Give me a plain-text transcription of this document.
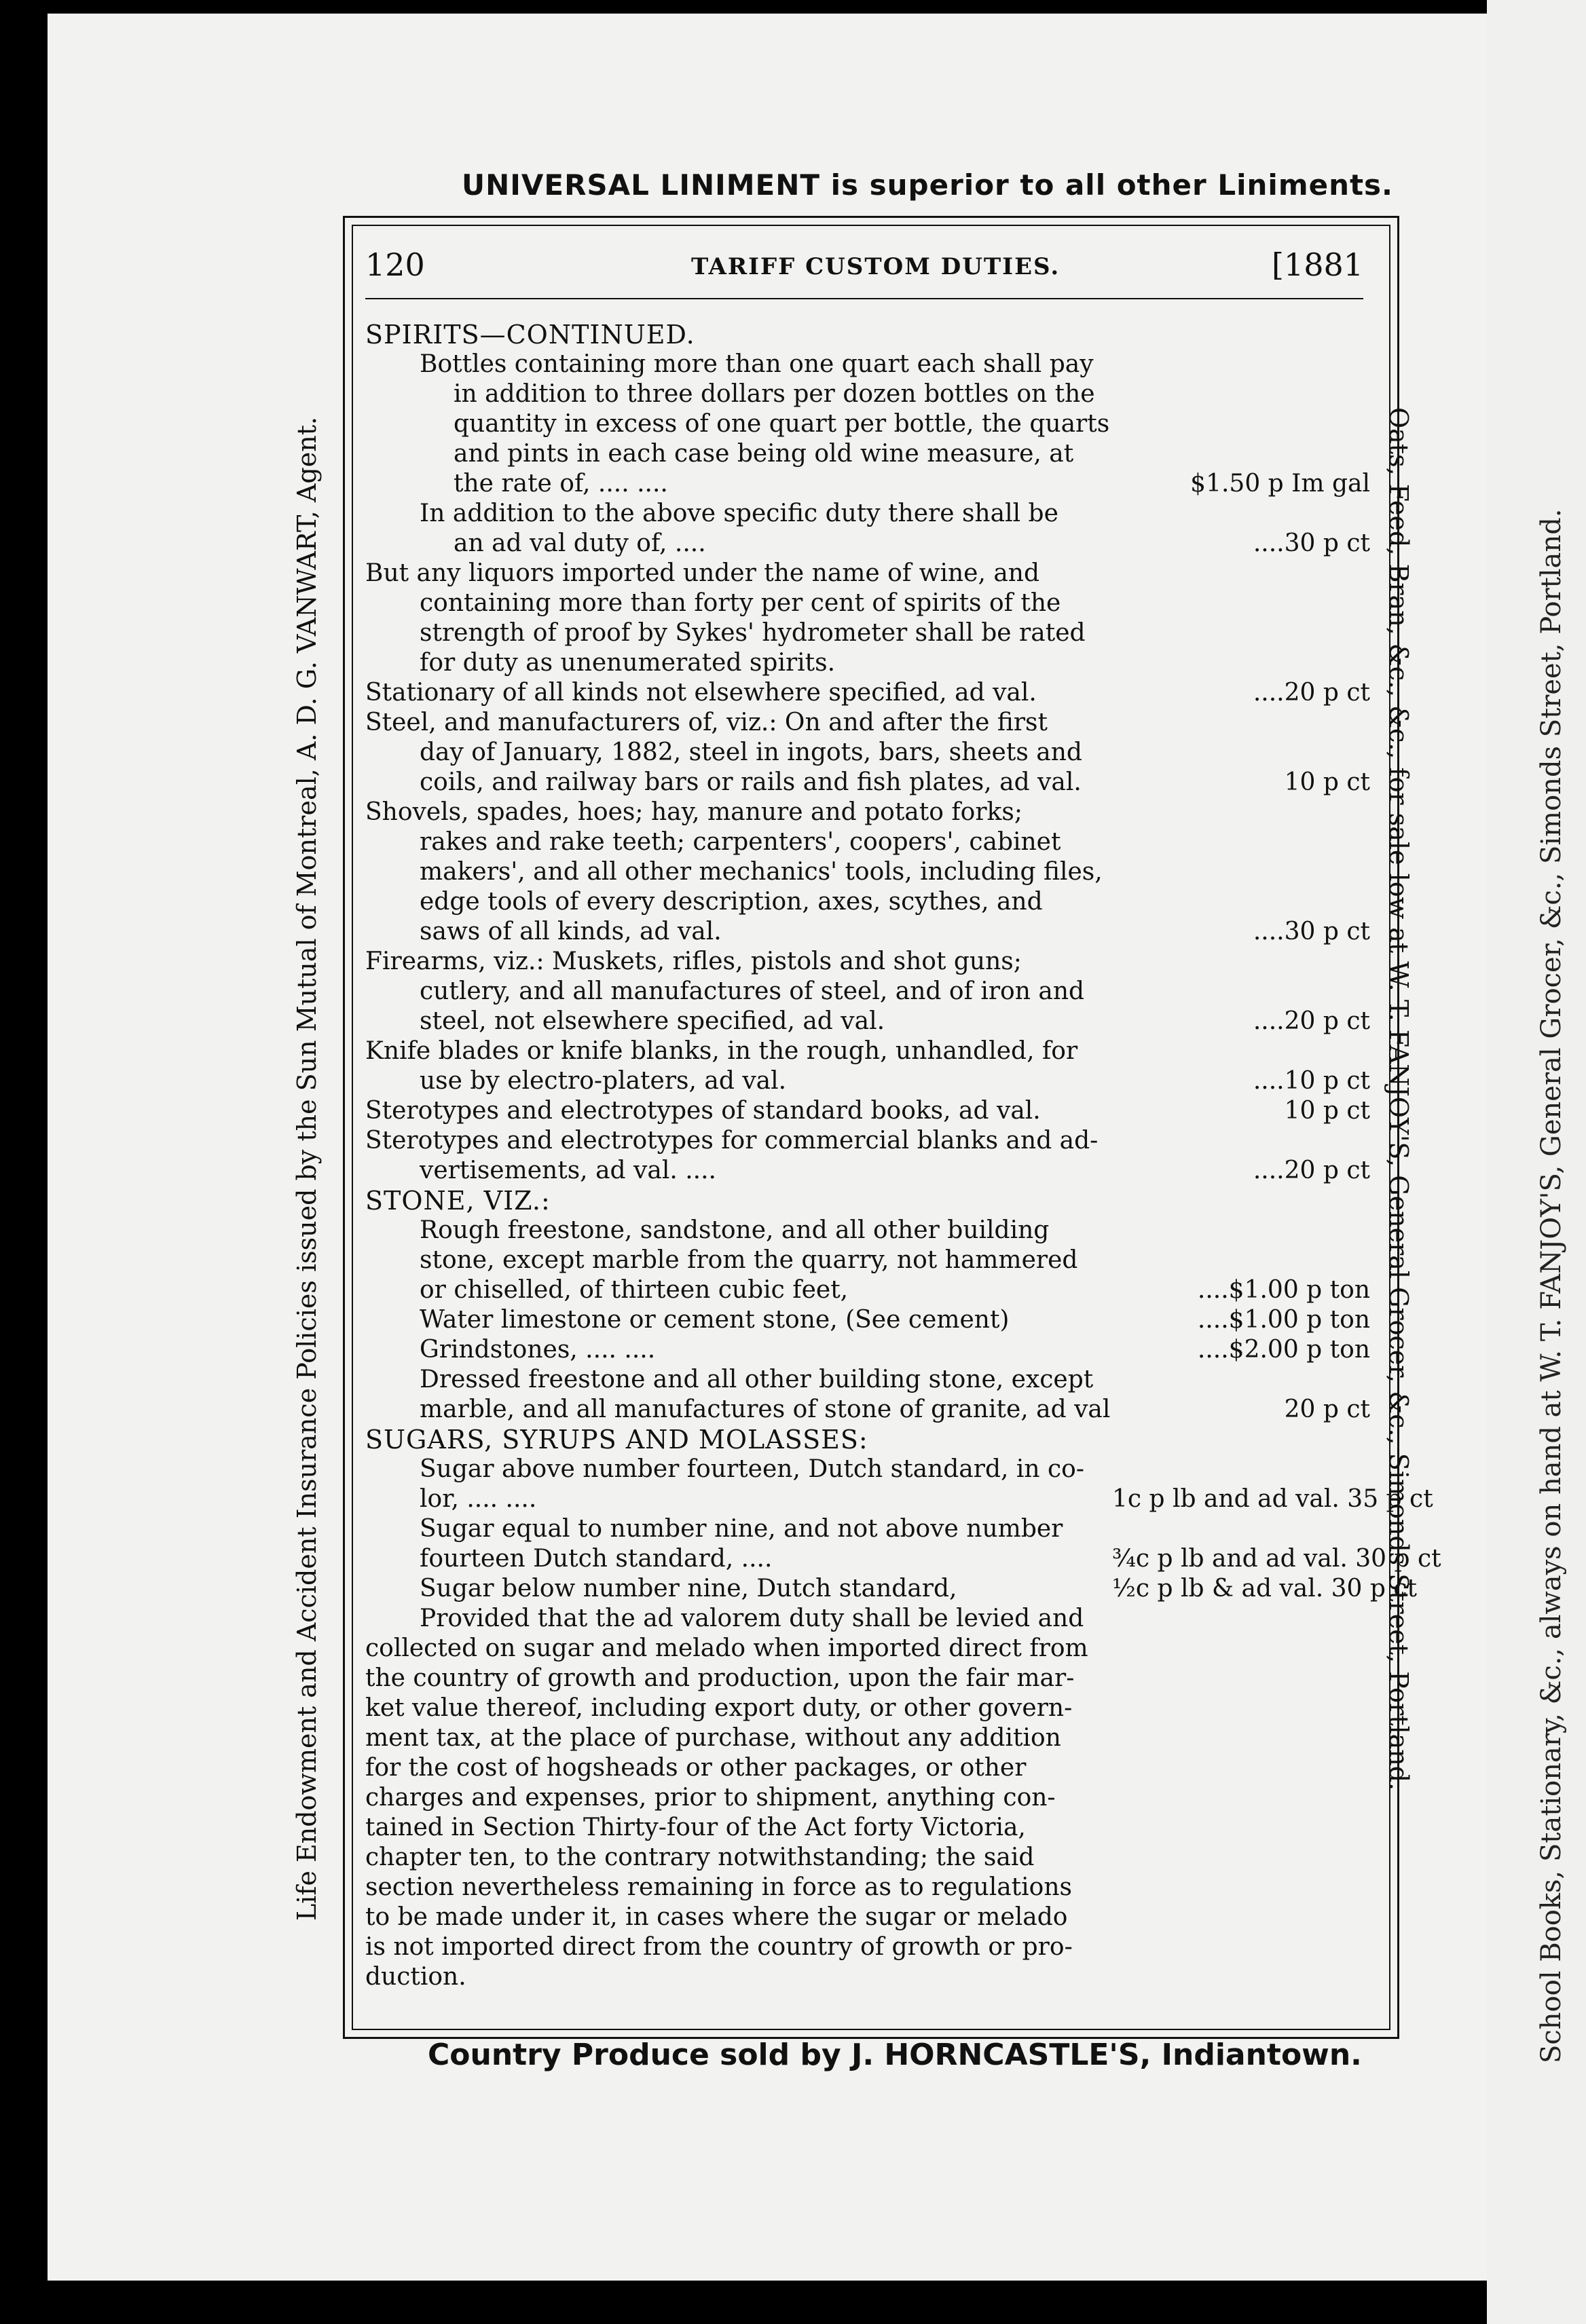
School Books, Stationary, &c., always on hand at W. T. FANJOY'S, General Grocer, &c., Simonds Street, Portland.
UNIVERSAL LINIMENT is superior to all other Liniments.
Life Endowment and Accident Insurance Policies issued by the Sun Mutual of Montreal, A. D. G. VANWART, Agent.	Oats, Feed, Bran, &c., &c., for sale low at W. T. FANJOY'S, General Grocer, &c., Simonds Street, Portland.
120	TARIFF CUSTOM DUTIES.	[1881
SPIRITS—CONTINUED.
Bottles containing more than one quart each shall pay
in addition to three dollars per dozen bottles on the
quantity in excess of one quart per bottle, the quarts
and pints in each case being old wine measure, at
the rate of, .... ....	$1.50 p Im gal
In addition to the above specific duty there shall be
an ad val duty of, ....	....30 p ct
But any liquors imported under the name of wine, and
containing more than forty per cent of spirits of the
strength of proof by Sykes' hydrometer shall be rated
for duty as unenumerated spirits.
Stationary of all kinds not elsewhere specified, ad val.	....20 p ct
Steel, and manufacturers of, viz.: On and after the first
day of January, 1882, steel in ingots, bars, sheets and
coils, and railway bars or rails and fish plates, ad val.	10 p ct
Shovels, spades, hoes; hay, manure and potato forks;
rakes and rake teeth; carpenters', coopers', cabinet
makers', and all other mechanics' tools, including files,
edge tools of every description, axes, scythes, and
saws of all kinds, ad val.	....30 p ct
Firearms, viz.: Muskets, rifles, pistols and shot guns;
cutlery, and all manufactures of steel, and of iron and
steel, not elsewhere specified, ad val.	....20 p ct
Knife blades or knife blanks, in the rough, unhandled, for
use by electro-platers, ad val.	....10 p ct
Sterotypes and electrotypes of standard books, ad val.	10 p ct
Sterotypes and electrotypes for commercial blanks and ad-
vertisements, ad val. ....	....20 p ct
STONE, VIZ.:
Rough freestone, sandstone, and all other building
stone, except marble from the quarry, not hammered
or chiselled, of thirteen cubic feet,	....$1.00 p ton
Water limestone or cement stone, (See cement)	....$1.00 p ton
Grindstones, .... ....	....$2.00 p ton
Dressed freestone and all other building stone, except
marble, and all manufactures of stone of granite, ad val	20 p ct
SUGARS, SYRUPS AND MOLASSES:
Sugar above number fourteen, Dutch standard, in co-
lor, .... ....	1c p lb and ad val. 35 p ct
Sugar equal to number nine, and not above number
fourteen Dutch standard, ....	¾c p lb and ad val. 30 p ct
Sugar below number nine, Dutch standard,	½c p lb & ad val. 30 p ct
Provided that the ad valorem duty shall be levied and
collected on sugar and melado when imported direct from
the country of growth and production, upon the fair mar-
ket value thereof, including export duty, or other govern-
ment tax, at the place of purchase, without any addition
for the cost of hogsheads or other packages, or other
charges and expenses, prior to shipment, anything con-
tained in Section Thirty-four of the Act forty Victoria,
chapter ten, to the contrary notwithstanding; the said
section nevertheless remaining in force as to regulations
to be made under it, in cases where the sugar or melado
is not imported direct from the country of growth or pro-
duction.
Country Produce sold by J. HORNCASTLE'S, Indiantown.
